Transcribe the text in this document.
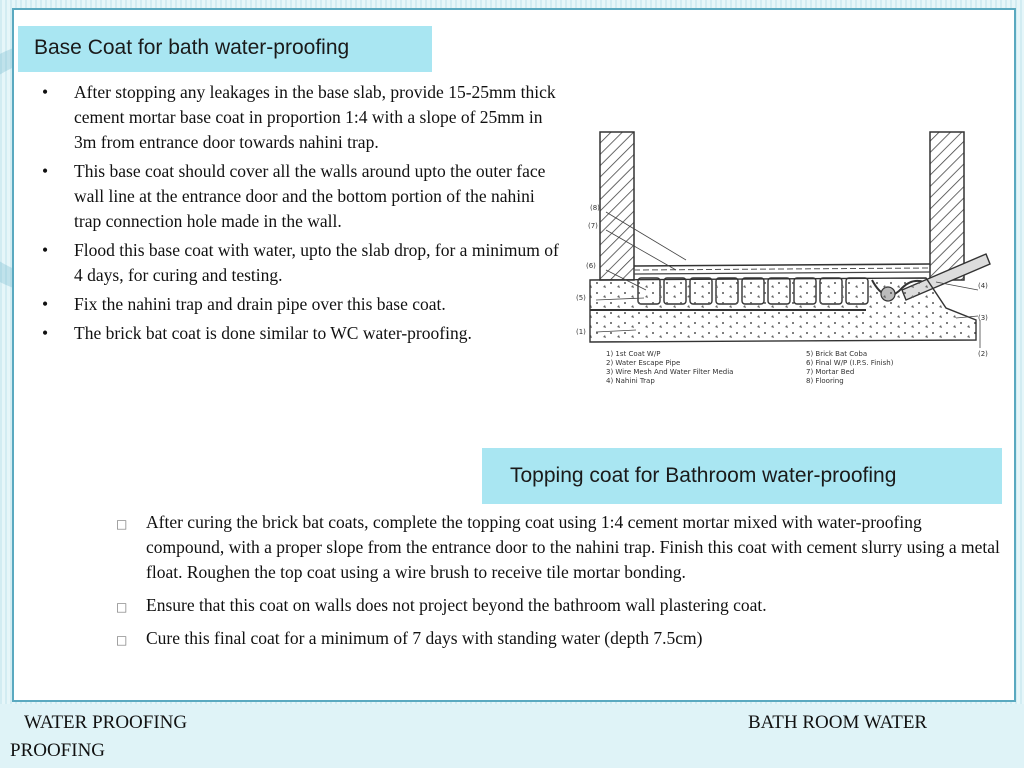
Base Coat for bath water-proofing
• After stopping any leakages in the base slab, provide 15-25mm thick cement mortar base coat in proportion 1:4 with a slope of 25mm in 3m from entrance door towards nahini trap.
• This base coat should cover all the walls around upto the outer face wall line at the entrance door and the bottom portion of the nahini trap connection hole made in the wall.
• Flood this base coat with water, upto the slab drop, for a minimum of 4 days, for curing and testing.
• Fix the nahini trap and drain pipe over this base coat.
• The brick bat coat is done similar to WC water-proofing.
(8)
(7)
(6)
(5)
(1)
(4)
(3)
(2)
1) 1st Coat W/P
2) Water Escape Pipe
3) Wire Mesh And Water Filter Media
4) Nahini Trap
5) Brick Bat Coba
6) Final W/P (I.P.S. Finish)
7) Mortar Bed
8) Flooring
Topping coat for Bathroom water-proofing
□ After curing the brick bat coats, complete the topping coat using 1:4 cement mortar mixed with water-proofing compound, with a proper slope from the entrance door to the nahini trap. Finish this coat with cement slurry using a metal float. Roughen the top coat using a wire brush to receive tile mortar bonding.
□ Ensure that this coat on walls does not project beyond the bathroom wall plastering coat.
□ Cure this final coat for a minimum of 7 days with standing water (depth 7.5cm)
WATER PROOFING	BATH ROOM WATER
PROOFING
